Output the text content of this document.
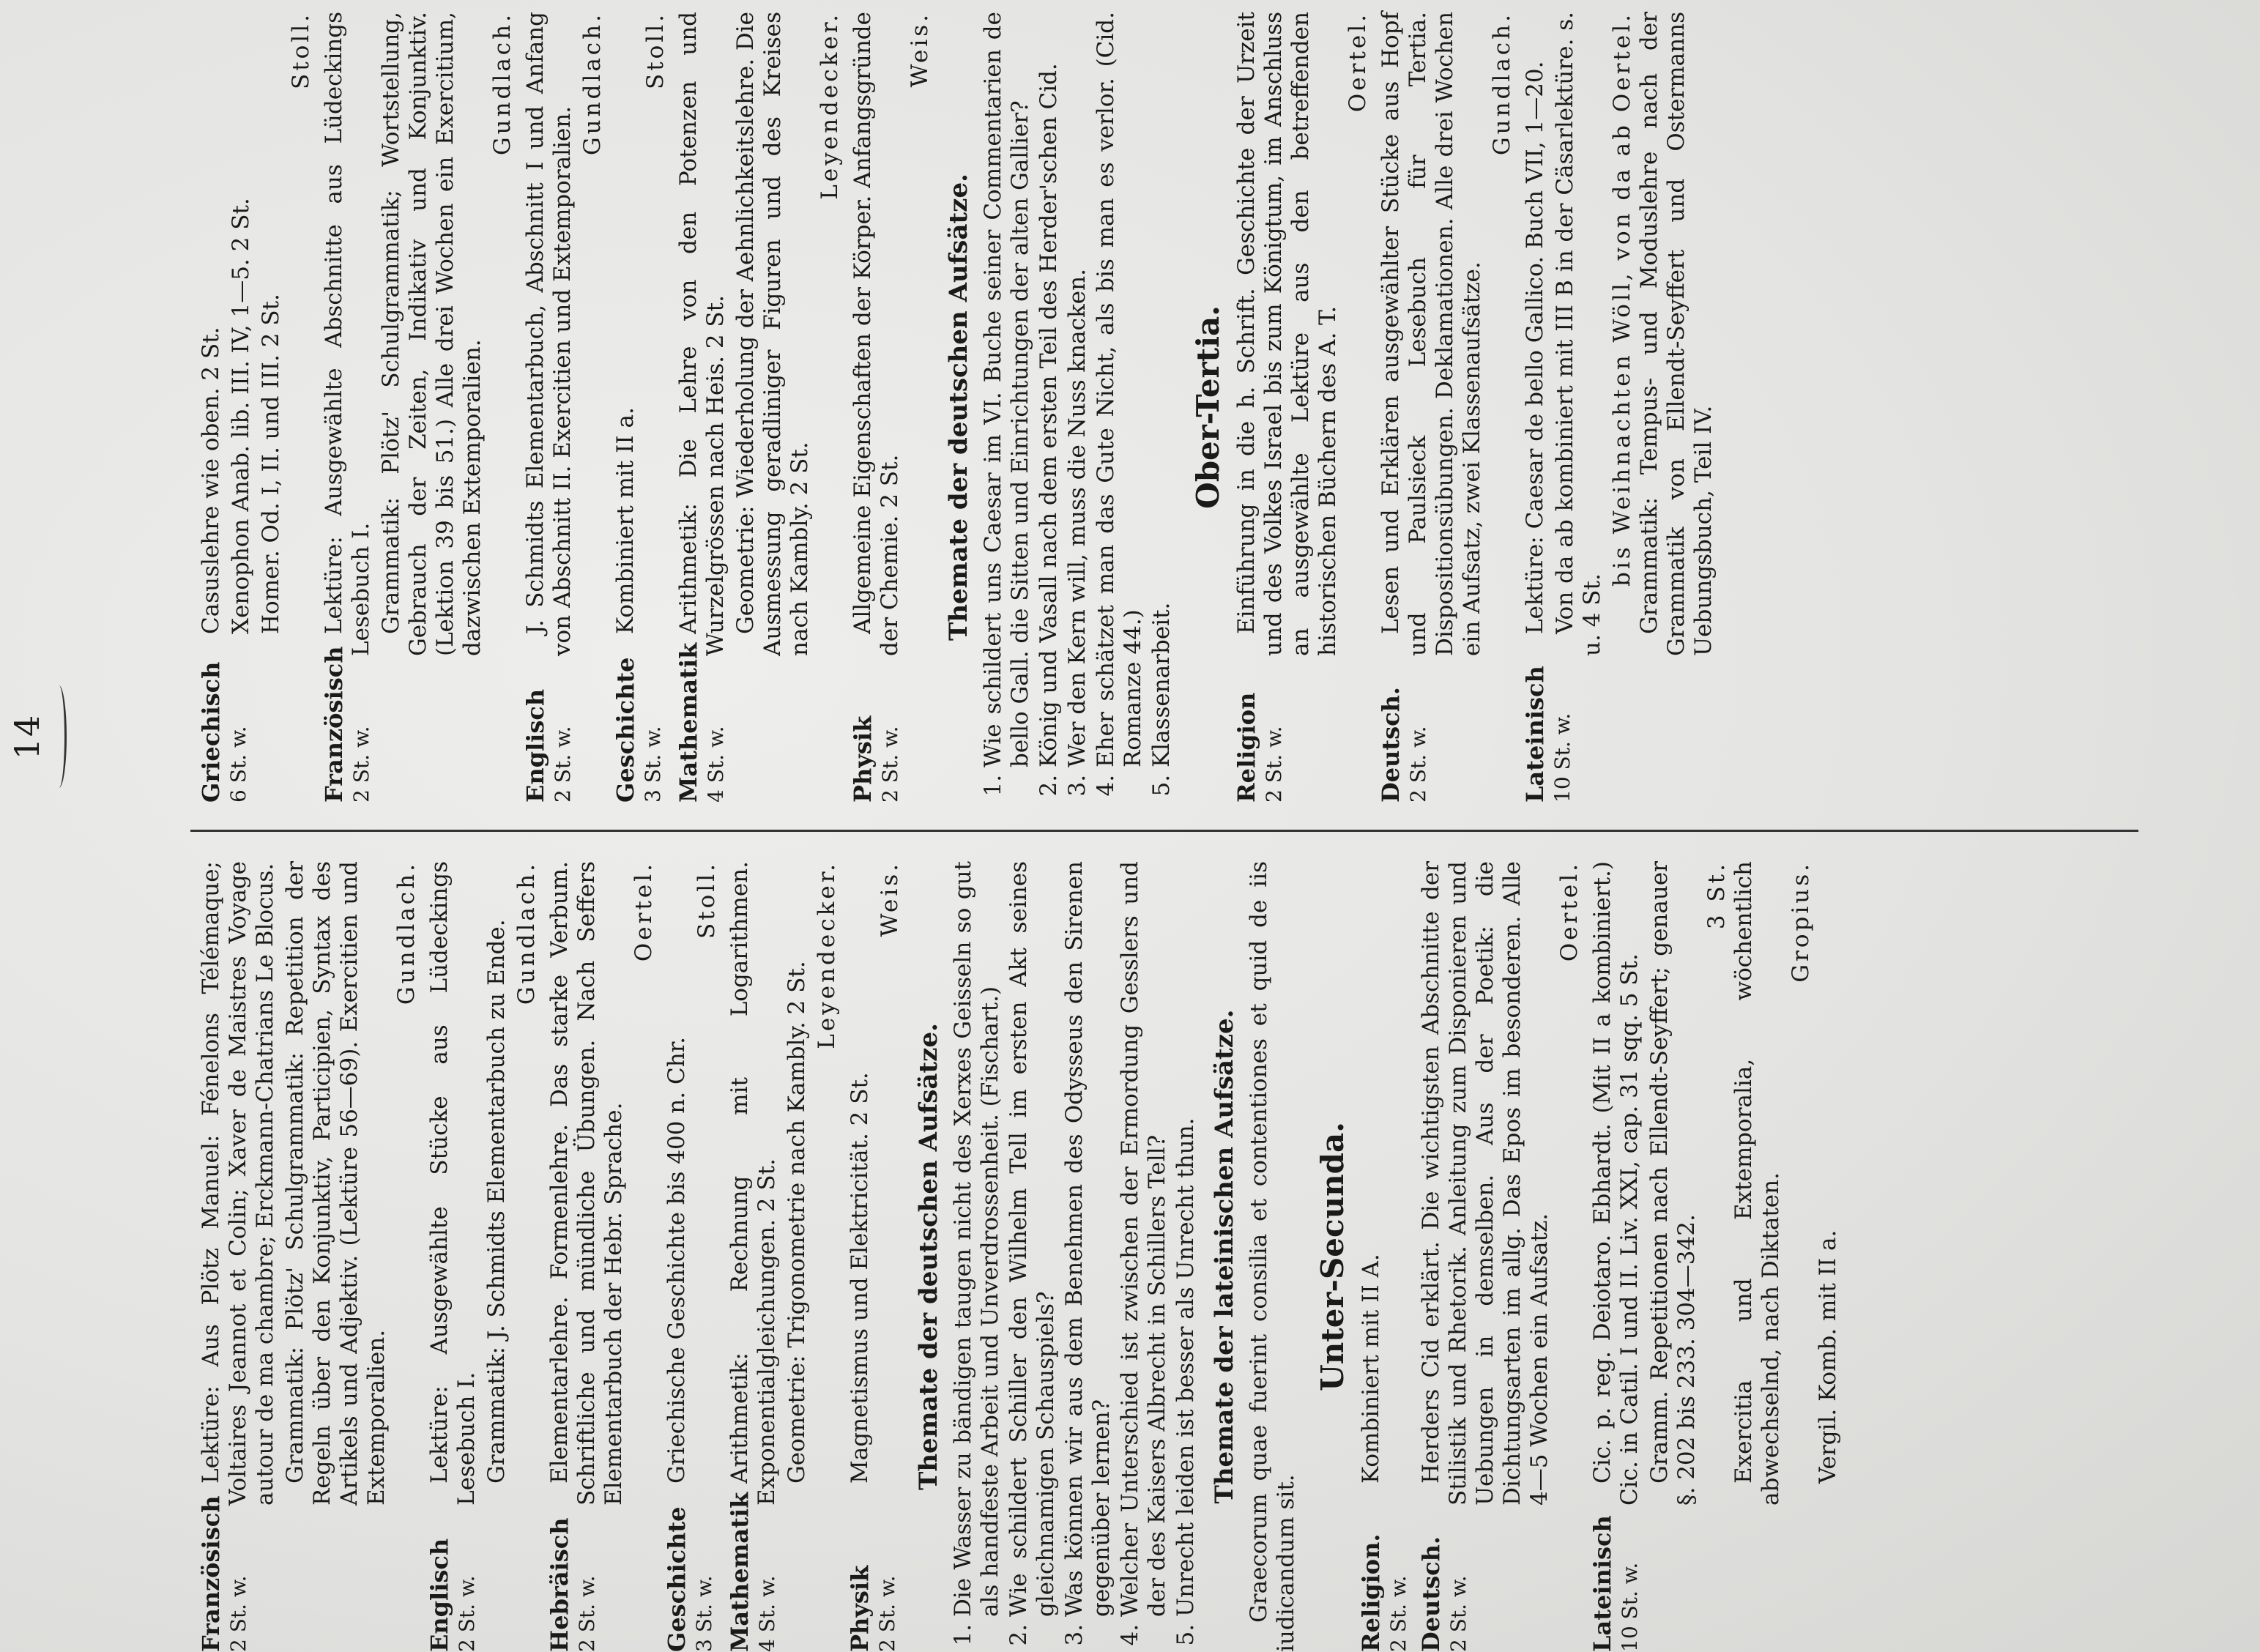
14
Französisch 2 St. w.

Lektüre: Aus Plötz Manuel: Fénelons Télémaque; Voltaires Jeannot et Colin; Xaver de Maistres Voyage autour de ma chambre; Erckmann-Chatrians Le Blocus. Grammatik: Plötz' Schulgrammatik: Repetition der Regeln über den Konjunktiv, Participien, Syntax des Artikels und Adjektiv. (Lektüre 56—69). Exercitien und Extemporalien.

Gundlach.
Englisch 2 St. w.

Lektüre: Ausgewählte Stücke aus Lüdeckings Lesebuch I. Grammatik: J. Schmidts Elementarbuch zu Ende. Gundlach.
Hebräisch 2 St. w.

Elementarlehre. Formenlehre. Das starke Verbum. Schriftliche und mündliche Übungen. Nach Seffers Elementarbuch der Hebr. Sprache.

Oertel.
Geschichte 3 St. w.

Griechische Geschichte bis 400 n. Chr.

Stoll.
Mathematik 4 St. w.

Arithmetik: Rechnung mit Logarithmen. Exponentialgleichungen. 2 St. Geometrie: Trigonometrie nach Kambly. 2 St.

Leyendecker.
Physik 2 St. w.

Magnetismus und Elektricität. 2 St.

Weis.
Themate der deutschen Aufsätze. 1. Die Wasser zu bändigen taugen nicht des Xerxes Geisseln so gut als handfeste Arbeit und Unverdrossenheit. (Fischart.) 2. Wie schildert Schiller den Wilhelm Tell im ersten Akt seines gleichnamigen Schauspiels? 3. Was können wir aus dem Benehmen des Odysseus den Sirenen gegenüber lernen? 4. Welcher Unterschied ist zwischen der Ermordung Gesslers und der des Kaisers Albrecht in Schillers Tell? 5. Unrecht leiden ist besser als Unrecht thun. Themate der lateinischen Aufsätze. Graecorum quae fuerint consilia et contentiones et quid de iis iudicandum sit.

Unter-Secunda.
Religion. 2 St. w.

Kombiniert mit II A.

Deutsch. 2 St. w.

Herders Cid erklärt. Die wichtigsten Abschnitte der Stilistik und Rhetorik. Anleitung zum Disponieren und Uebungen in demselben. Aus der Poetik: die Dichtungsarten im allg. Das Epos im besonderen. Alle 4—5 Wochen ein Aufsatz.

Oertel.
Lateinisch 10 St. w.

Cic. p. reg. Deiotaro. Ebhardt. (Mit II a kombiniert.) Cic. in Catil. I und II. Liv. XXI, cap. 31 sqq. 5 St. Gramm. Repetitionen nach Ellendt-Seyffert; genauer §. 202 bis 233. 304—342.

3 St. Exercitia und Extemporalia, wöchentlich abwechselnd, nach Diktaten.

Gropius.

Vergil. Komb. mit II a.

Griechisch 6 St. w.

Casuslehre wie oben. 2 St. Xenophon Anab. lib. III. IV, 1—5. 2 St. Homer. Od. I, II. und III. 2 St.

Stoll.
Französisch 2 St. w.

Lektüre: Ausgewählte Abschnitte aus Lüdeckings Lesebuch I. Grammatik: Plötz' Schulgrammatik; Wortstellung, Gebrauch der Zeiten, Indikativ und Konjunktiv. (Lektion 39 bis 51.) Alle drei Wochen ein Exercitium, dazwischen Extemporalien.

Gundlach.
Englisch 2 St. w.

J. Schmidts Elementarbuch, Abschnitt I und Anfang von Abschnitt II. Exercitien und Extemporalien.

Gundlach.
Geschichte 3 St. w.

Kombiniert mit II a.

Stoll.
Mathematik 4 St. w.

Arithmetik: Die Lehre von den Potenzen und Wurzelgrössen nach Heis. 2 St. Geometrie: Wiederholung der Aehnlichkeitslehre. Die Ausmessung geradliniger Figuren und des Kreises nach Kambly. 2 St.

Leyendecker.
Physik 2 St. w.

Allgemeine Eigenschaften der Körper. Anfangsgründe der Chemie. 2 St.

Weis.
Themate der deutschen Aufsätze. 1. Wie schildert uns Caesar im VI. Buche seiner Commentarien de bello Gall. die Sitten und Einrichtungen der alten Gallier? 2. König und Vasall nach dem ersten Teil des Herder'schen Cid. 3. Wer den Kern will, muss die Nuss knacken. 4. Eher schätzet man das Gute Nicht, als bis man es verlor. (Cid. Romanze 44.) 5. Klassenarbeit.
Ober-Tertia.
Religion 2 St. w.

Einführung in die h. Schrift. Geschichte der Urzeit und des Volkes Israel bis zum Königtum, im Anschluss an ausgewählte Lektüre aus den betreffenden historischen Büchern des A. T.

Oertel.
Deutsch. 2 St. w.

Lesen und Erklären ausgewählter Stücke aus Hopf und Paulsieck Lesebuch für Tertia. Dispositionsübungen. Deklamationen. Alle drei Wochen ein Aufsatz, zwei Klassenaufsätze.

Gundlach.
Lateinisch 10 St. w.

Lektüre: Caesar de bello Gallico. Buch VII, 1—20. Von da ab kombiniert mit III B in der Cäsarlektüre. s. u. 4 St.

bis Weihnachten Wöll, von da ab Oertel. Grammatik: Tempus- und Moduslehre nach der Grammatik von Ellendt-Seyffert und Ostermanns Uebungsbuch, Teil IV.
